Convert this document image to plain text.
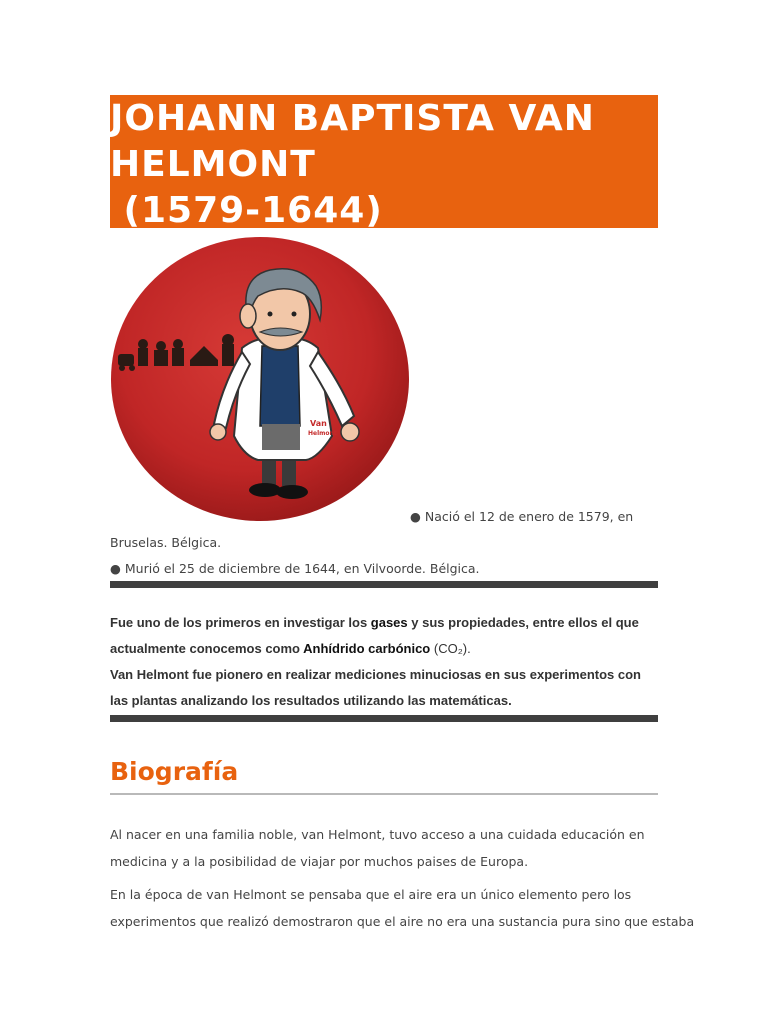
JOHANN BAPTISTA VAN
HELMONT
(1579-1644)
Van
Helmont
● Nació el 12 de enero de 1579, en
Bruselas. Bélgica.
● Murió el 25 de diciembre de 1644, en Vilvoorde. Bélgica.
Fue uno de los primeros en investigar los gases y sus propiedades, entre ellos el que
actualmente conocemos como Anhídrido carbónico (CO₂).
Van Helmont fue pionero en realizar mediciones minuciosas en sus experimentos con
las plantas analizando los resultados utilizando las matemáticas.
Biografía
Al nacer en una familia noble, van Helmont, tuvo acceso a una cuidada educación en
medicina y a la posibilidad de viajar por muchos paises de Europa.
En la época de van Helmont se pensaba que el aire era un único elemento pero los
experimentos que realizó demostraron que el aire no era una sustancia pura sino que estaba
